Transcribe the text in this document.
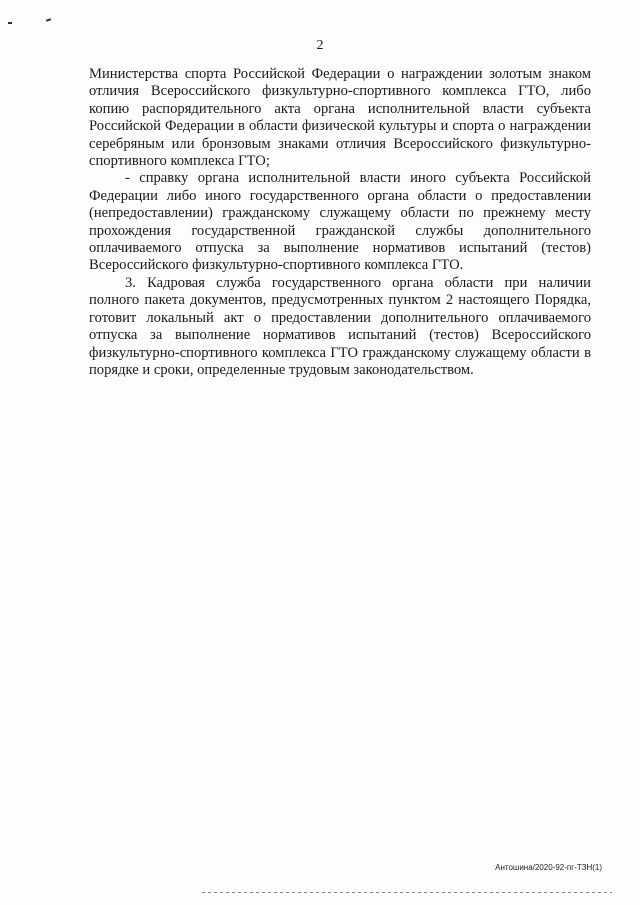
2

Министерства спорта Российской Федерации о награждении золотым знаком отличия Всероссийского физкультурно-спортивного комплекса ГТО, либо копию распорядительного акта органа исполнительной власти субъекта Российской Федерации в области физической культуры и спорта о награждении серебряным или бронзовым знаками отличия Всероссийского физкультурно-спортивного комплекса ГТО;

- справку органа исполнительной власти иного субъекта Российской Федерации либо иного государственного органа области о предоставлении (непредоставлении) гражданскому служащему области по прежнему месту прохождения государственной гражданской службы дополнительного оплачиваемого отпуска за выполнение нормативов испытаний (тестов) Всероссийского физкультурно-спортивного комплекса ГТО.

3. Кадровая служба государственного органа области при наличии полного пакета документов, предусмотренных пунктом 2 настоящего Порядка, готовит локальный акт о предоставлении дополнительного оплачиваемого отпуска за выполнение нормативов испытаний (тестов) Всероссийского физкультурно-спортивного комплекса ГТО гражданскому служащему области в порядке и сроки, определенные трудовым законодательством.

Антошина/2020-92-пг-ТЗН(1)
